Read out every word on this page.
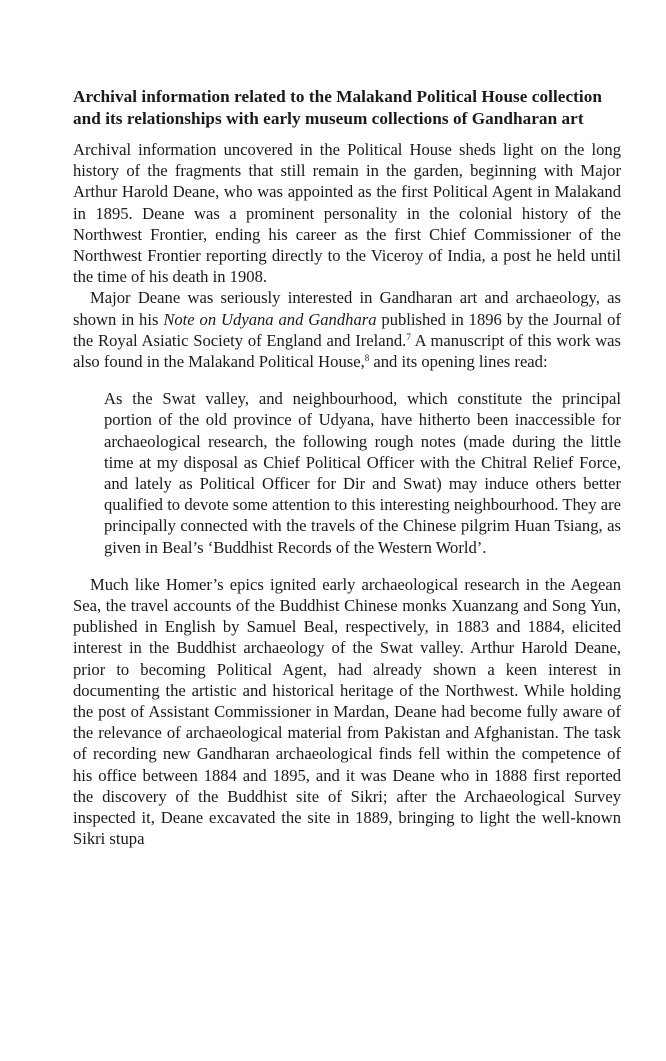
Archival information related to the Malakand Political House collection and its relationships with early museum collections of Gandharan art

Archival information uncovered in the Political House sheds light on the long history of the fragments that still remain in the garden, beginning with Major Arthur Harold Deane, who was appointed as the first Political Agent in Malakand in 1895. Deane was a prominent personality in the colonial history of the Northwest Frontier, ending his career as the first Chief Commissioner of the Northwest Frontier reporting directly to the Viceroy of India, a post he held until the time of his death in 1908.

Major Deane was seriously interested in Gandharan art and archaeology, as shown in his Note on Udyana and Gandhara published in 1896 by the Journal of the Royal Asiatic Society of England and Ireland.$^7$ A manuscript of this work was also found in the Malakand Political House,$^8$ and its opening lines read:

As the Swat valley, and neighbourhood, which constitute the principal portion of the old province of Udyana, have hitherto been inaccessible for archaeological research, the following rough notes (made during the little time at my disposal as Chief Political Officer with the Chitral Relief Force, and lately as Political Officer for Dir and Swat) may induce others better qualified to devote some attention to this interesting neighbourhood. They are principally connected with the travels of the Chinese pilgrim Huan Tsiang, as given in Beal’s ‘Buddhist Records of the Western World’.

Much like Homer’s epics ignited early archaeological research in the Aegean Sea, the travel accounts of the Buddhist Chinese monks Xuanzang and Song Yun, published in English by Samuel Beal, respectively, in 1883 and 1884, elicited interest in the Buddhist archaeology of the Swat valley. Arthur Harold Deane, prior to becoming Political Agent, had already shown a keen interest in documenting the artistic and historical heritage of the Northwest. While holding the post of Assistant Commissioner in Mardan, Deane had become fully aware of the relevance of archaeological material from Pakistan and Afghanistan. The task of recording new Gandharan archaeological finds fell within the competence of his office between 1884 and 1895, and it was Deane who in 1888 first reported the discovery of the Buddhist site of Sikri; after the Archaeological Survey inspected it, Deane excavated the site in 1889, bringing to light the well-known Sikri stupa
